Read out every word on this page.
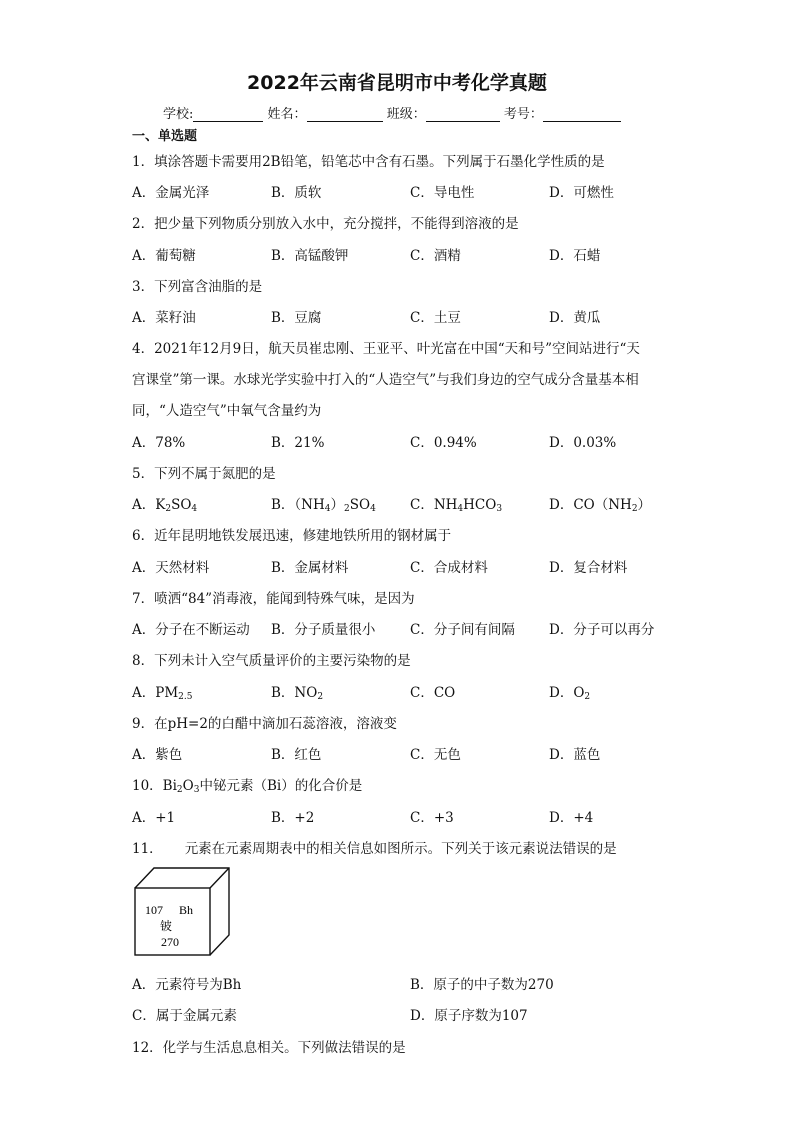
2022年云南省昆明市中考化学真题
学校:	姓名：	班级：	考号：
一、单选题
1．填涂答题卡需要用2B铅笔，铅笔芯中含有石墨。下列属于石墨化学性质的是
A．金属光泽	B．质软	C．导电性	D．可燃性
2．把少量下列物质分别放入水中，充分搅拌，不能得到溶液的是
A．葡萄糖	B．高锰酸钾	C．酒精	D．石蜡
3．下列富含油脂的是
A．菜籽油	B．豆腐	C．土豆	D．黄瓜
4．2021年12月9日，航天员崔忠刚、王亚平、叶光富在中国“天和号”空间站进行“天
宫课堂”第一课。水球光学实验中打入的“人造空气”与我们身边的空气成分含量基本相
同，“人造空气”中氧气含量约为
A．78%	B．21%	C．0.94%	D．0.03%
5．下列不属于氮肥的是
A．$K_2SO_4$	B．$(NH_4)_2SO_4$	C．$NH_4HCO_3$	D．$CO(NH_2)$
6．近年昆明地铁发展迅速，修建地铁所用的钢材属于
A．天然材料	B．金属材料	C．合成材料	D．复合材料
7．喷洒“84”消毒液，能闻到特殊气味，是因为
A．分子在不断运动 B．分子质量很小	C．分子间有间隔	D．分子可以再分
8．下列未计入空气质量评价的主要污染物的是
A．$PM_{2.5}$	B．$NO_2$	C．CO	D．$O_2$
9．在pH=2的白醋中滴加石蕊溶液，溶液变
A．紫色	B．红色	C．无色	D．蓝色
10．$Bi_2O_3$中铋元素（Bi）的化合价是
A．+1	B．+2	C．+3	D．+4
11． 元素在元素周期表中的相关信息如图所示。下列关于该元素说法错误的是
107 Bh
铍
270
A．元素符号为Bh	B．原子的中子数为270
C．属于金属元素	D．原子序数为107
12．化学与生活息息相关。下列做法错误的是
